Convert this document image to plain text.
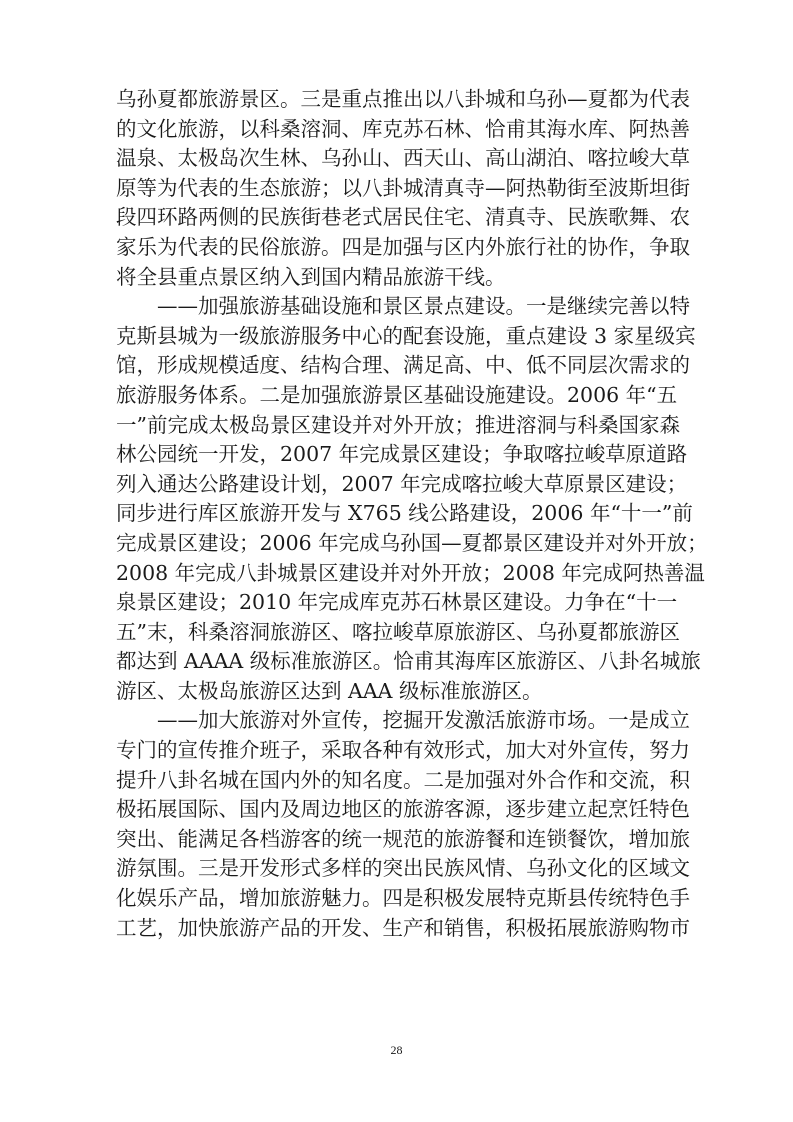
乌孙夏都旅游景区。三是重点推出以八卦城和乌孙—夏都为代表
的文化旅游，以科桑溶洞、库克苏石林、恰甫其海水库、阿热善
温泉、太极岛次生林、乌孙山、西天山、高山湖泊、喀拉峻大草
原等为代表的生态旅游；以八卦城清真寺—阿热勒街至波斯坦街
段四环路两侧的民族街巷老式居民住宅、清真寺、民族歌舞、农
家乐为代表的民俗旅游。四是加强与区内外旅行社的协作，争取
将全县重点景区纳入到国内精品旅游干线。
——加强旅游基础设施和景区景点建设。一是继续完善以特
克斯县城为一级旅游服务中心的配套设施，重点建设 3 家星级宾
馆，形成规模适度、结构合理、满足高、中、低不同层次需求的
旅游服务体系。二是加强旅游景区基础设施建设。2006 年“五
一”前完成太极岛景区建设并对外开放；推进溶洞与科桑国家森
林公园统一开发，2007 年完成景区建设；争取喀拉峻草原道路
列入通达公路建设计划，2007 年完成喀拉峻大草原景区建设；
同步进行库区旅游开发与 X765 线公路建设，2006 年“十一”前
完成景区建设；2006 年完成乌孙国—夏都景区建设并对外开放；
2008 年完成八卦城景区建设并对外开放；2008 年完成阿热善温
泉景区建设；2010 年完成库克苏石林景区建设。力争在“十一
五”末，科桑溶洞旅游区、喀拉峻草原旅游区、乌孙夏都旅游区
都达到 AAAA 级标准旅游区。恰甫其海库区旅游区、八卦名城旅
游区、太极岛旅游区达到 AAA 级标准旅游区。
——加大旅游对外宣传，挖掘开发激活旅游市场。一是成立
专门的宣传推介班子，采取各种有效形式，加大对外宣传，努力
提升八卦名城在国内外的知名度。二是加强对外合作和交流，积
极拓展国际、国内及周边地区的旅游客源，逐步建立起烹饪特色
突出、能满足各档游客的统一规范的旅游餐和连锁餐饮，增加旅
游氛围。三是开发形式多样的突出民族风情、乌孙文化的区域文
化娱乐产品，增加旅游魅力。四是积极发展特克斯县传统特色手
工艺，加快旅游产品的开发、生产和销售，积极拓展旅游购物市
28
